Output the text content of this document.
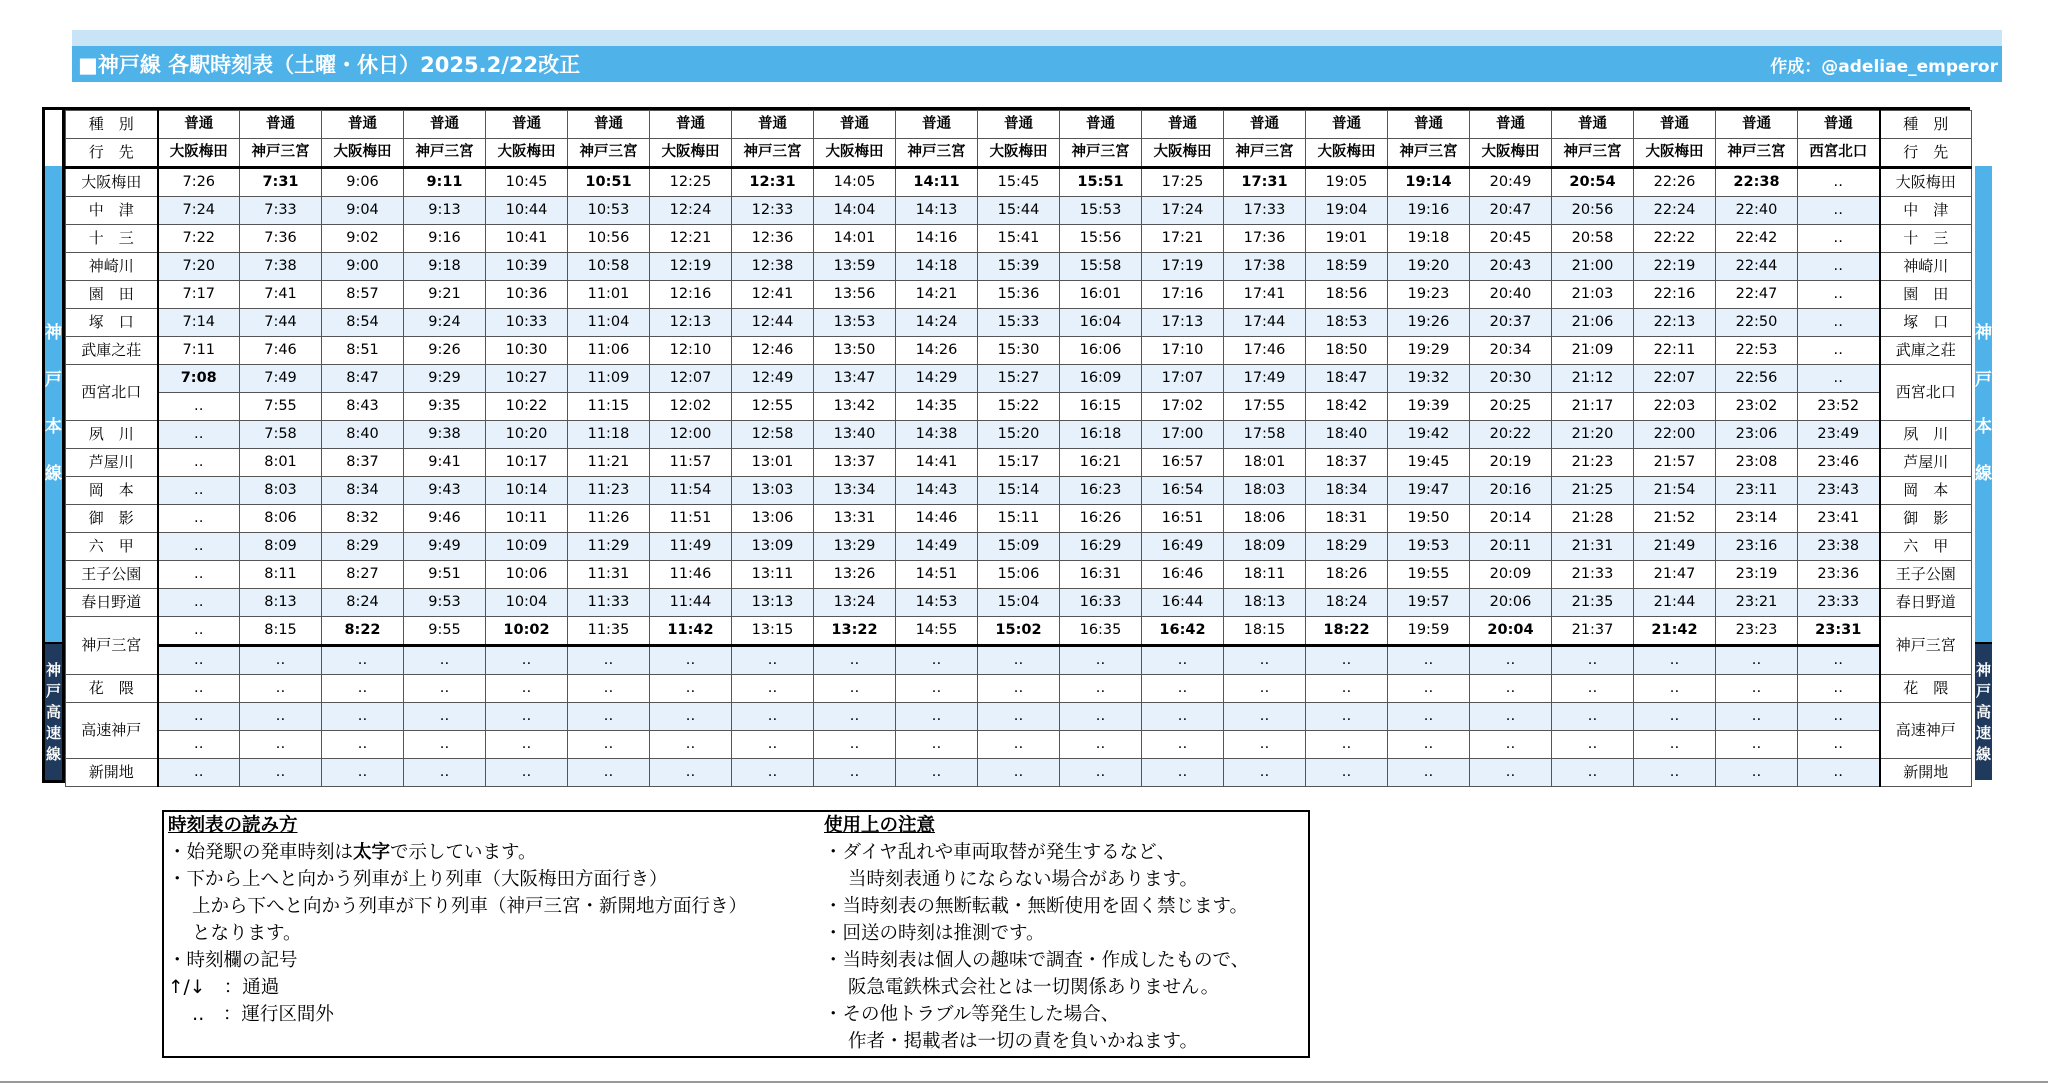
■神戸線 各駅時刻表（土曜・休日）2025.2/22改正	作成：@adeliae_emperor
神
戸
本
線
神
戸
高
速
線
種　別	普通	普通	普通	普通	普通	普通	普通	普通	普通	普通	普通	普通	普通	普通	普通	普通	普通	普通	普通	普通	普通	種　別
行　先	大阪梅田	神戸三宮	大阪梅田	神戸三宮	大阪梅田	神戸三宮	大阪梅田	神戸三宮	大阪梅田	神戸三宮	大阪梅田	神戸三宮	大阪梅田	神戸三宮	大阪梅田	神戸三宮	大阪梅田	神戸三宮	大阪梅田	神戸三宮	西宮北口	行　先
大阪梅田	7:26	7:31	9:06	9:11	10:45	10:51	12:25	12:31	14:05	14:11	15:45	15:51	17:25	17:31	19:05	19:14	20:49	20:54	22:26	22:38	‥	大阪梅田
中　津	7:24	7:33	9:04	9:13	10:44	10:53	12:24	12:33	14:04	14:13	15:44	15:53	17:24	17:33	19:04	19:16	20:47	20:56	22:24	22:40	‥	中　津
十　三	7:22	7:36	9:02	9:16	10:41	10:56	12:21	12:36	14:01	14:16	15:41	15:56	17:21	17:36	19:01	19:18	20:45	20:58	22:22	22:42	‥	十　三
神崎川	7:20	7:38	9:00	9:18	10:39	10:58	12:19	12:38	13:59	14:18	15:39	15:58	17:19	17:38	18:59	19:20	20:43	21:00	22:19	22:44	‥	神崎川
園　田	7:17	7:41	8:57	9:21	10:36	11:01	12:16	12:41	13:56	14:21	15:36	16:01	17:16	17:41	18:56	19:23	20:40	21:03	22:16	22:47	‥	園　田
塚　口	7:14	7:44	8:54	9:24	10:33	11:04	12:13	12:44	13:53	14:24	15:33	16:04	17:13	17:44	18:53	19:26	20:37	21:06	22:13	22:50	‥	塚　口
武庫之荘	7:11	7:46	8:51	9:26	10:30	11:06	12:10	12:46	13:50	14:26	15:30	16:06	17:10	17:46	18:50	19:29	20:34	21:09	22:11	22:53	‥	武庫之荘
西宮北口	7:08	7:49	8:47	9:29	10:27	11:09	12:07	12:49	13:47	14:29	15:27	16:09	17:07	17:49	18:47	19:32	20:30	21:12	22:07	22:56	‥	西宮北口
	‥	7:55	8:43	9:35	10:22	11:15	12:02	12:55	13:42	14:35	15:22	16:15	17:02	17:55	18:42	19:39	20:25	21:17	22:03	23:02	23:52	
夙　川	‥	7:58	8:40	9:38	10:20	11:18	12:00	12:58	13:40	14:38	15:20	16:18	17:00	17:58	18:40	19:42	20:22	21:20	22:00	23:06	23:49	夙　川
芦屋川	‥	8:01	8:37	9:41	10:17	11:21	11:57	13:01	13:37	14:41	15:17	16:21	16:57	18:01	18:37	19:45	20:19	21:23	21:57	23:08	23:46	芦屋川
岡　本	‥	8:03	8:34	9:43	10:14	11:23	11:54	13:03	13:34	14:43	15:14	16:23	16:54	18:03	18:34	19:47	20:16	21:25	21:54	23:11	23:43	岡　本
御　影	‥	8:06	8:32	9:46	10:11	11:26	11:51	13:06	13:31	14:46	15:11	16:26	16:51	18:06	18:31	19:50	20:14	21:28	21:52	23:14	23:41	御　影
六　甲	‥	8:09	8:29	9:49	10:09	11:29	11:49	13:09	13:29	14:49	15:09	16:29	16:49	18:09	18:29	19:53	20:11	21:31	21:49	23:16	23:38	六　甲
王子公園	‥	8:11	8:27	9:51	10:06	11:31	11:46	13:11	13:26	14:51	15:06	16:31	16:46	18:11	18:26	19:55	20:09	21:33	21:47	23:19	23:36	王子公園
春日野道	‥	8:13	8:24	9:53	10:04	11:33	11:44	13:13	13:24	14:53	15:04	16:33	16:44	18:13	18:24	19:57	20:06	21:35	21:44	23:21	23:33	春日野道
神戸三宮	‥	8:15	8:22	9:55	10:02	11:35	11:42	13:15	13:22	14:55	15:02	16:35	16:42	18:15	18:22	19:59	20:04	21:37	21:42	23:23	23:31	神戸三宮
	‥	‥	‥	‥	‥	‥	‥	‥	‥	‥	‥	‥	‥	‥	‥	‥	‥	‥	‥	‥	‥	
花　隈	‥	‥	‥	‥	‥	‥	‥	‥	‥	‥	‥	‥	‥	‥	‥	‥	‥	‥	‥	‥	‥	花　隈
高速神戸	‥	‥	‥	‥	‥	‥	‥	‥	‥	‥	‥	‥	‥	‥	‥	‥	‥	‥	‥	‥	‥	高速神戸
	‥	‥	‥	‥	‥	‥	‥	‥	‥	‥	‥	‥	‥	‥	‥	‥	‥	‥	‥	‥	‥	
新開地	‥	‥	‥	‥	‥	‥	‥	‥	‥	‥	‥	‥	‥	‥	‥	‥	‥	‥	‥	‥	‥	新開地
神
戸
本
線
神
戸
高
速
線
時刻表の読み方
・始発駅の発車時刻は太字で示しています。
・下から上へと向かう列車が上り列車（大阪梅田方面行き）
上から下へと向かう列車が下り列車（神戸三宮・新開地方面行き）
となります。
・時刻欄の記号
↑/↓　：通過
‥　：運行区間外
使用上の注意
・ダイヤ乱れや車両取替が発生するなど、
当時刻表通りにならない場合があります。
・当時刻表の無断転載・無断使用を固く禁じます。
・回送の時刻は推測です。
・当時刻表は個人の趣味で調査・作成したもので、
阪急電鉄株式会社とは一切関係ありません。
・その他トラブル等発生した場合、
作者・掲載者は一切の責を負いかねます。
